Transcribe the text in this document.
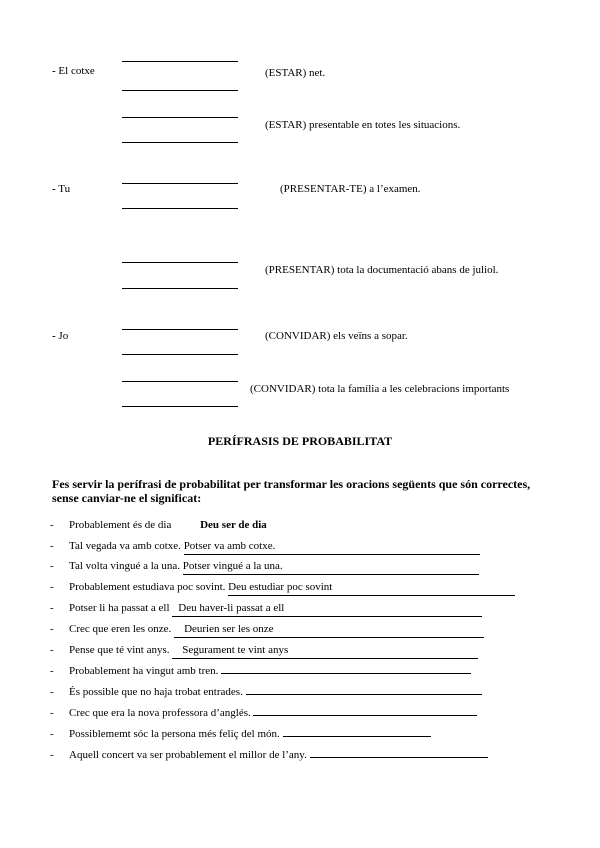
- El cotxe
- Tu
- Jo
(ESTAR) net.
(ESTAR) presentable en totes les situacions.
(PRESENTAR-TE) a l’examen.
(PRESENTAR) tota la documentació abans de juliol.
(CONVIDAR) els veïns a sopar.
(CONVIDAR) tota la família a les celebracions importants
PERÍFRASIS DE PROBABILITAT
Fes servir la perífrasi de probabilitat per transformar les oracions següents que són correctes, sense canviar-ne el significat:
- Probablement és de dia	Deu ser de dia
- Tal vegada va amb cotxe. Potser va amb cotxe.
- Tal volta vingué a la una. Potser vingué a la una.
- Probablement estudiava poc sovint. Deu estudiar poc sovint
- Potser li ha passat a ell Deu haver-li passat a ell
- Crec que eren les onze. Deurien ser les onze
- Pense que té vint anys. Segurament te vint anys
- Probablement ha vingut amb tren.
- És possible que no haja trobat entrades.
- Crec que era la nova professora d’anglés.
- Possiblememt sóc la persona més feliç del món.
- Aquell concert va ser probablement el millor de l’any.
